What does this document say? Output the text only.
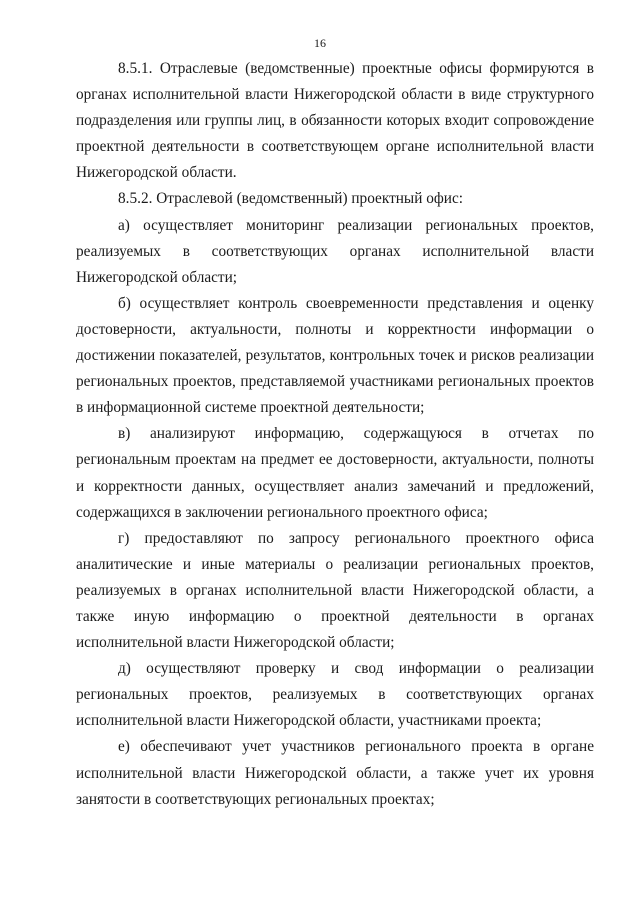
16

8.5.1. Отраслевые (ведомственные) проектные офисы формируются в органах исполнительной власти Нижегородской области в виде структурного подразделения или группы лиц, в обязанности которых входит сопровождение проектной деятельности в соответствующем органе исполнительной власти Нижегородской области.

8.5.2. Отраслевой (ведомственный) проектный офис:

а) осуществляет мониторинг реализации региональных проектов, реализуемых в соответствующих органах исполнительной власти Нижегородской области;

б) осуществляет контроль своевременности представления и оценку достоверности, актуальности, полноты и корректности информации о достижении показателей, результатов, контрольных точек и рисков реализации региональных проектов, представляемой участниками региональных проектов в информационной системе проектной деятельности;

в) анализируют информацию, содержащуюся в отчетах по региональным проектам на предмет ее достоверности, актуальности, полноты и корректности данных, осуществляет анализ замечаний и предложений, содержащихся в заключении регионального проектного офиса;

г) предоставляют по запросу регионального проектного офиса аналитические и иные материалы о реализации региональных проектов, реализуемых в органах исполнительной власти Нижегородской области, а также иную информацию о проектной деятельности в органах исполнительной власти Нижегородской области;

д) осуществляют проверку и свод информации о реализации региональных проектов, реализуемых в соответствующих органах исполнительной власти Нижегородской области, участниками проекта;

е) обеспечивают учет участников регионального проекта в органе исполнительной власти Нижегородской области, а также учет их уровня занятости в соответствующих региональных проектах;
